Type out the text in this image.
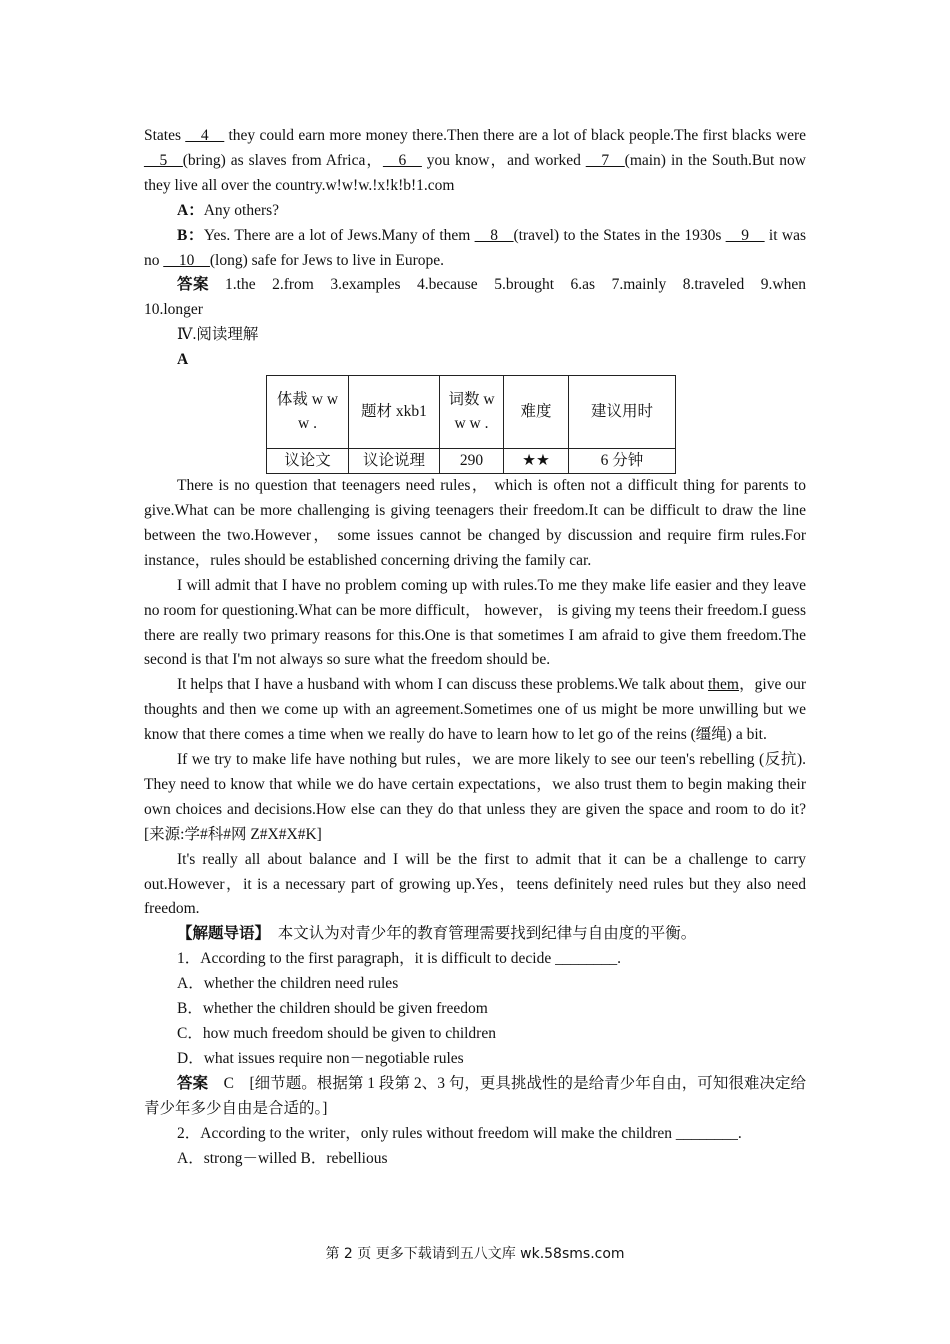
States __4__ they could earn more money there.Then there are a lot of black people.The first blacks were __5__(bring) as slaves from Africa，__6__ you know，and worked __7__(main) in the South.But now they live all over the country.w!w!w.!x!k!b!1.com

A：Any others?

B：Yes. There are a lot of Jews.Many of them __8__(travel) to the States in the 1930s __9__ it was no __10__(long) safe for Jews to live in Europe.

答案　 1.the　2.from　3.examples　4.because　5.brought　6.as　7.mainly　8.traveled　9.when　10.longer

Ⅳ.阅读理解

A

体裁 w w w .	题材 xkb1	词数 w w w .	难度	建议用时
议论文	议论说理	290	★★	6 分钟

There is no question that teenagers need rules， which is often not a difficult thing for parents to give.What can be more challenging is giving teenagers their freedom.It can be difficult to draw the line between the two.However， some issues cannot be changed by discussion and require firm rules.For instance，rules should be established concerning driving the family car.

I will admit that I have no problem coming up with rules.To me they make life easier and they leave no room for questioning.What can be more difficult， however， is giving my teens their freedom.I guess there are really two primary reasons for this.One is that sometimes I am afraid to give them freedom.The second is that I'm not always so sure what the freedom should be.

It helps that I have a husband with whom I can discuss these problems.We talk about them，give our thoughts and then we come up with an agreement.Sometimes one of us might be more unwilling but we know that there comes a time when we really do have to learn how to let go of the reins (缰绳) a bit.

If we try to make life have nothing but rules，we are more likely to see our teen's rebelling (反抗). They need to know that while we do have certain expectations，we also trust them to begin making their own choices and decisions.How else can they do that unless they are given the space and room to do it?[来源:学#科#网 Z#X#X#K]

It's really all about balance and I will be the first to admit that it can be a challenge to carry out.However，it is a necessary part of growing up.Yes，teens definitely need rules but they also need freedom.

【解题导语】　本文认为对青少年的教育管理需要找到纪律与自由度的平衡。

1．According to the first paragraph，it is difficult to decide ________.

A．whether the children need rules

B．whether the children should be given freedom

C．how much freedom should be given to children

D．what issues require non－negotiable rules

答案　C　[细节题。根据第 1 段第 2、3 句，更具挑战性的是给青少年自由，可知很难决定给青少年多少自由是合适的。]

2．According to the writer，only rules without freedom will make the children ________.

A．strong－willed B．rebellious

第 2 页 更多下载请到五八文库 wk.58sms.com
